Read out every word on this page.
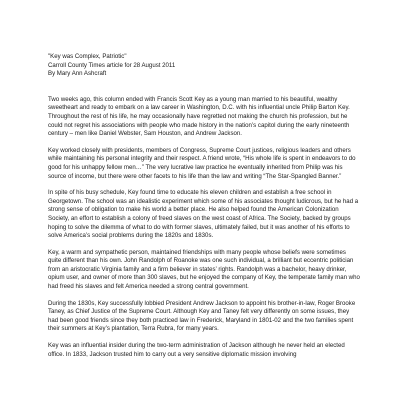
"Key was Complex, Patriotic"

Carroll County Times article for 28 August 2011

By Mary Ann Ashcraft

Two weeks ago, this column ended with Francis Scott Key as a young man married to his beautiful, wealthy sweetheart and ready to embark on a law career in Washington, D.C. with his influential uncle Philip Barton Key. Throughout the rest of his life, he may occasionally have regretted not making the church his profession, but he could not regret his associations with people who made history in the nation’s capitol during the early nineteenth century – men like Daniel Webster, Sam Houston, and Andrew Jackson.

Key worked closely with presidents, members of Congress, Supreme Court justices, religious leaders and others while maintaining his personal integrity and their respect. A friend wrote, “His whole life is spent in endeavors to do good for his unhappy fellow men…” The very lucrative law practice he eventually inherited from Philip was his source of income, but there were other facets to his life than the law and writing “The Star-Spangled Banner.”

In spite of his busy schedule, Key found time to educate his eleven children and establish a free school in Georgetown. The school was an idealistic experiment which some of his associates thought ludicrous, but he had a strong sense of obligation to make his world a better place. He also helped found the American Colonization Society, an effort to establish a colony of freed slaves on the west coast of Africa. The Society, backed by groups hoping to solve the dilemma of what to do with former slaves, ultimately failed, but it was another of his efforts to solve America’s social problems during the 1820s and 1830s.

Key, a warm and sympathetic person, maintained friendships with many people whose beliefs were sometimes quite different than his own. John Randolph of Roanoke was one such individual, a brilliant but eccentric politician from an aristocratic Virginia family and a firm believer in states’ rights. Randolph was a bachelor, heavy drinker, opium user, and owner of more than 300 slaves, but he enjoyed the company of Key, the temperate family man who had freed his slaves and felt America needed a strong central government.

During the 1830s, Key successfully lobbied President Andrew Jackson to appoint his brother-in-law, Roger Brooke Taney, as Chief Justice of the Supreme Court. Although Key and Taney felt very differently on some issues, they had been good friends since they both practiced law in Frederick, Maryland in 1801-02 and the two families spent their summers at Key’s plantation, Terra Rubra, for many years.

Key was an influential insider during the two-term administration of Jackson although he never held an elected office. In 1833, Jackson trusted him to carry out a very sensitive diplomatic mission involving
